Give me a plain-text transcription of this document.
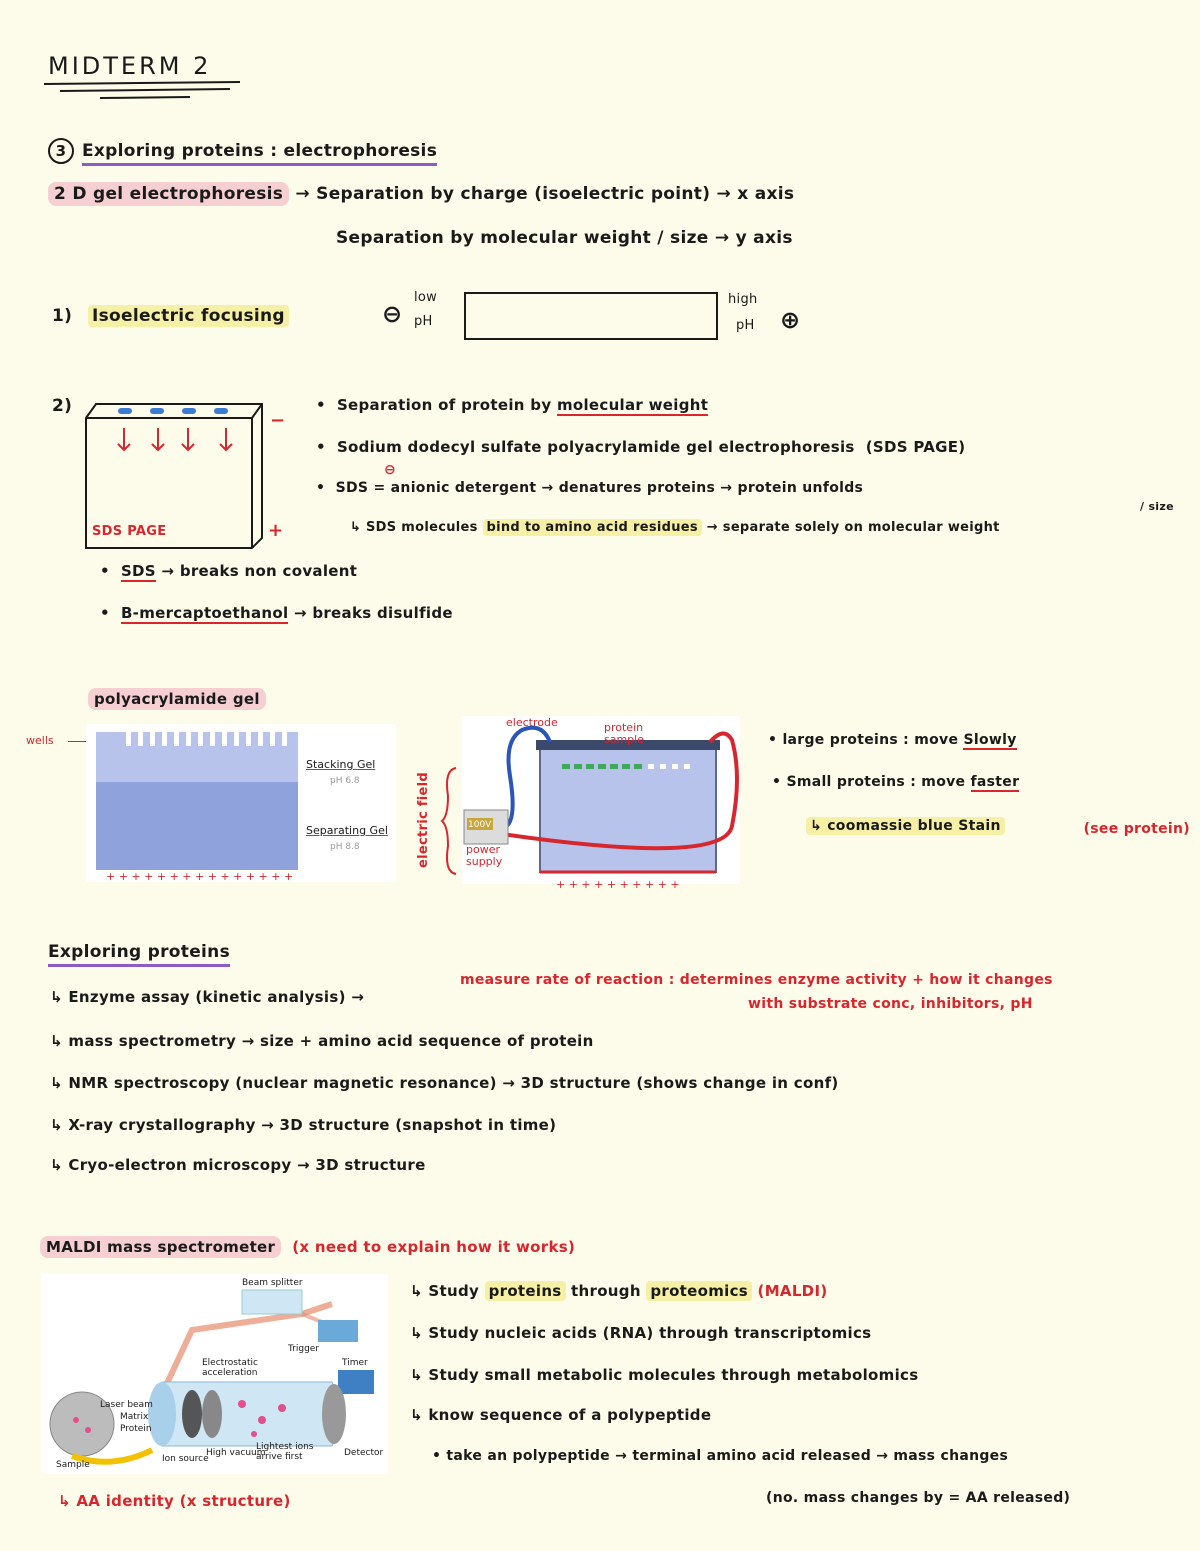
MIDTERM 2
3 Exploring proteins : electrophoresis
2 D gel electrophoresis → Separation by charge (isoelectric point) → x axis
Separation by molecular weight / size → y axis
1) Isoelectric focusing	⊖
low
pH
high
pH ⊕
2)
−
+
SDS PAGE
•  Separation of protein by molecular weight
•  Sodium dodecyl sulfate polyacrylamide gel electrophoresis (SDS PAGE)
⊖
•  SDS = anionic detergent → denatures proteins → protein unfolds
↳ SDS molecules bind to amino acid residues → separate solely on molecular weight
/ size
•  SDS → breaks non covalent
•  B-mercaptoethanol → breaks disulfide
polyacrylamide gel
wells
Stacking Gel
pH 6.8
Separating Gel
pH 8.8
+ + + + + + + + + + + + + + +
electric field	100V
electrode	protein sample
power supply
+ + + + + + + + + +
• large proteins : move Slowly
• Small proteins : move faster
↳ coomassie blue Stain	(see protein)
Exploring proteins
↳ Enzyme assay (kinetic analysis) →
measure rate of reaction : determines enzyme activity + how it changes
with substrate conc, inhibitors, pH
↳ mass spectrometry → size + amino acid sequence of protein
↳ NMR spectroscopy (nuclear magnetic resonance) → 3D structure (shows change in conf)
↳ X-ray crystallography → 3D structure (snapshot in time)
↳ Cryo-electron microscopy → 3D structure
MALDI mass spectrometer (x need to explain how it works)
Beam splitter
Trigger
Laser beam
Sample
Matrix
Protein
Detector
High vacuum
Ion source
Electrostatic acceleration
Lightest ions arrive first
Timer
↳ AA identity (x structure)
↳ Study proteins through proteomics (MALDI)
↳ Study nucleic acids (RNA) through transcriptomics
↳ Study small metabolic molecules through metabolomics
↳ know sequence of a polypeptide
• take an polypeptide → terminal amino acid released → mass changes
(no. mass changes by = AA released)
